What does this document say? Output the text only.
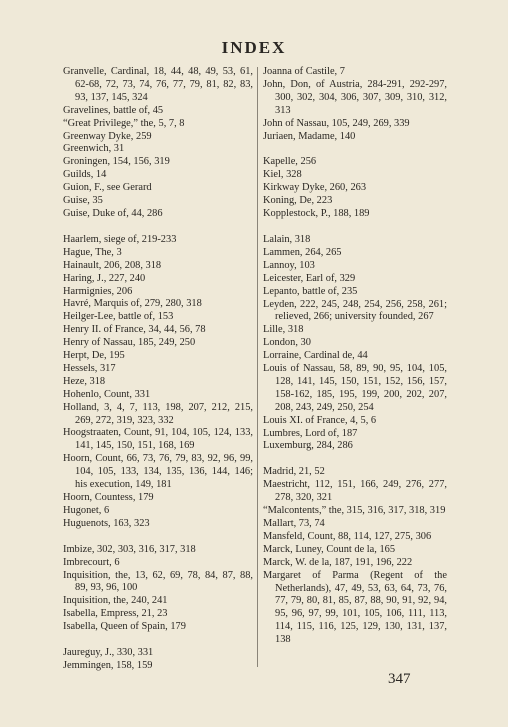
INDEX

Granvelle, Cardinal, 18, 44, 48, 49, 53, 61, 62-68, 72, 73, 74, 76, 77, 79, 81, 82, 83, 93, 137, 145, 324

Gravelines, battle of, 45

“Great Privilege,” the, 5, 7, 8

Greenway Dyke, 259

Greenwich, 31

Groningen, 154, 156, 319

Guilds, 14

Guion, F., see Gerard

Guise, 35

Guise, Duke of, 44, 286

Haarlem, siege of, 219-233

Hague, The, 3

Hainault, 206, 208, 318

Haring, J., 227, 240

Harmignies, 206

Havré, Marquis of, 279, 280, 318

Heilger-Lee, battle of, 153

Henry II. of France, 34, 44, 56, 78

Henry of Nassau, 185, 249, 250

Herpt, De, 195

Hessels, 317

Heze, 318

Hohenlo, Count, 331

Holland, 3, 4, 7, 113, 198, 207, 212, 215, 269, 272, 319, 323, 332

Hoogstraaten, Count, 91, 104, 105, 124, 133, 141, 145, 150, 151, 168, 169

Hoorn, Count, 66, 73, 76, 79, 83, 92, 96, 99, 104, 105, 133, 134, 135, 136, 144, 146; his execution, 149, 181

Hoorn, Countess, 179

Hugonet, 6

Huguenots, 163, 323

Imbize, 302, 303, 316, 317, 318

Imbrecourt, 6

Inquisition, the, 13, 62, 69, 78, 84, 87, 88, 89, 93, 96, 100

Inquisition, the, 240, 241

Isabella, Empress, 21, 23

Isabella, Queen of Spain, 179

Jaureguy, J., 330, 331

Jemmingen, 158, 159

Joanna of Castile, 7

John, Don, of Austria, 284-291, 292-297, 300, 302, 304, 306, 307, 309, 310, 312, 313

John of Nassau, 105, 249, 269, 339

Juriaen, Madame, 140

Kapelle, 256

Kiel, 328

Kirkway Dyke, 260, 263

Koning, De, 223

Kopplestock, P., 188, 189

Lalain, 318

Lammen, 264, 265

Lannoy, 103

Leicester, Earl of, 329

Lepanto, battle of, 235

Leyden, 222, 245, 248, 254, 256, 258, 261; relieved, 266; university founded, 267

Lille, 318

London, 30

Lorraine, Cardinal de, 44

Louis of Nassau, 58, 89, 90, 95, 104, 105, 128, 141, 145, 150, 151, 152, 156, 157, 158-162, 185, 195, 199, 200, 202, 207, 208, 243, 249, 250, 254

Louis XI. of France, 4, 5, 6

Lumbres, Lord of, 187

Luxemburg, 284, 286

Madrid, 21, 52

Maestricht, 112, 151, 166, 249, 276, 277, 278, 320, 321

“Malcontents,” the, 315, 316, 317, 318, 319

Mallart, 73, 74

Mansfeld, Count, 88, 114, 127, 275, 306

Marck, Luney, Count de la, 165

Marck, W. de la, 187, 191, 196, 222

Margaret of Parma (Regent of the Netherlands), 47, 49, 53, 63, 64, 73, 76, 77, 79, 80, 81, 85, 87, 88, 90, 91, 92, 94, 95, 96, 97, 99, 101, 105, 106, 111, 113, 114, 115, 116, 125, 129, 130, 131, 137, 138

347
